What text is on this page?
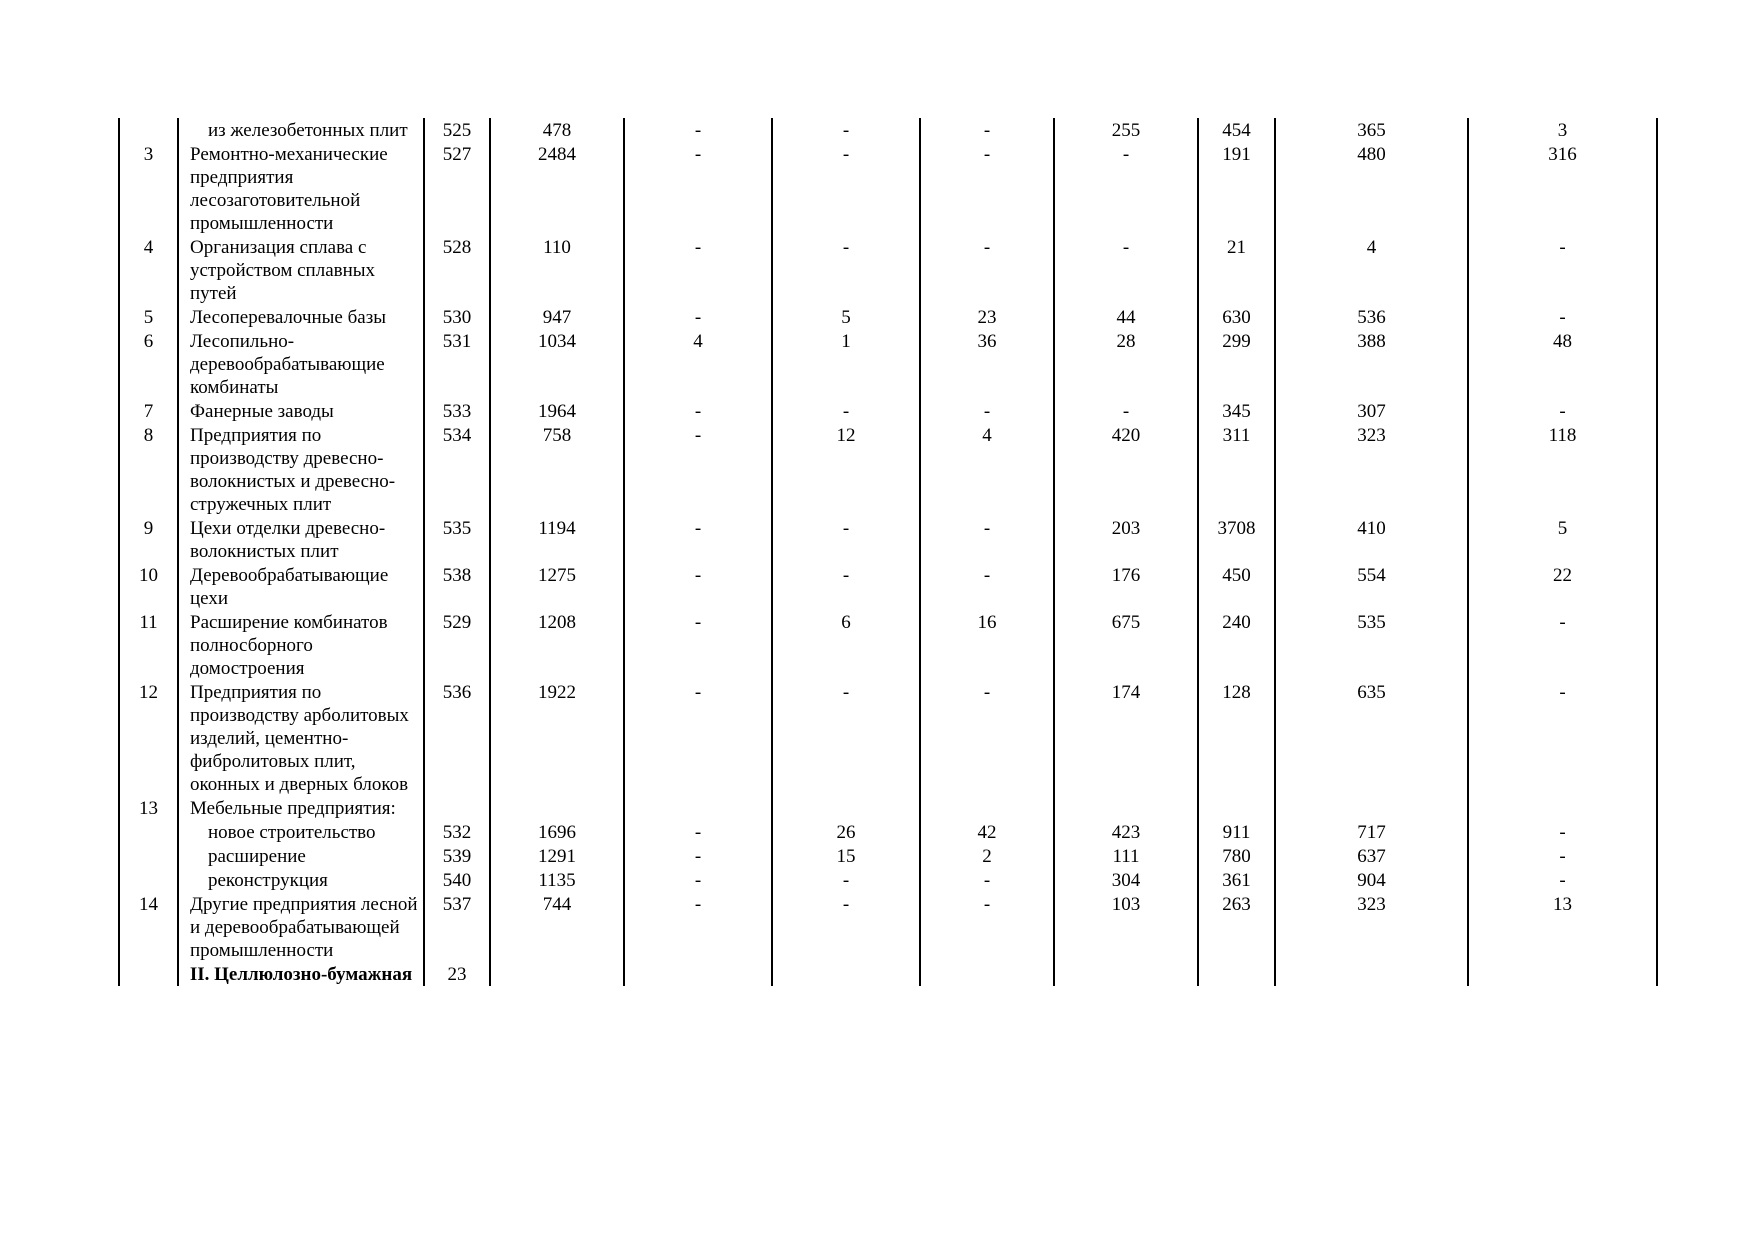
	из железобетонных плит	525	478	-	-	-	255	454	365	3
3	Ремонтно-механические предприятия лесозаготовительной промышленности	527	2484	-	-	-	-	191	480	316
4	Организация сплава с устройством сплавных путей	528	110	-	-	-	-	21	4	-
5	Лесоперевалочные базы	530	947	-	5	23	44	630	536	-
6	Лесопильно-деревообрабатывающие комбинаты	531	1034	4	1	36	28	299	388	48
7	Фанерные заводы	533	1964	-	-	-	-	345	307	-
8	Предприятия по производству древесно-волокнистых и древесно-стружечных плит	534	758	-	12	4	420	311	323	118
9	Цехи отделки древесно-волокнистых плит	535	1194	-	-	-	203	3708	410	5
10	Деревообрабатывающие цехи	538	1275	-	-	-	176	450	554	22
11	Расширение комбинатов полносборного домостроения	529	1208	-	6	16	675	240	535	-
12	Предприятия по производству арболитовых изделий, цементно-фибролитовых плит, оконных и дверных блоков	536	1922	-	-	-	174	128	635	-
13	Мебельные предприятия:									
	новое строительство	532	1696	-	26	42	423	911	717	-
	расширение	539	1291	-	15	2	111	780	637	-
	реконструкция	540	1135	-	-	-	304	361	904	-
14	Другие предприятия лесной и деревообрабатывающей промышленности	537	744	-	-	-	103	263	323	13
	II. Целлюлозно-бумажная	23								
